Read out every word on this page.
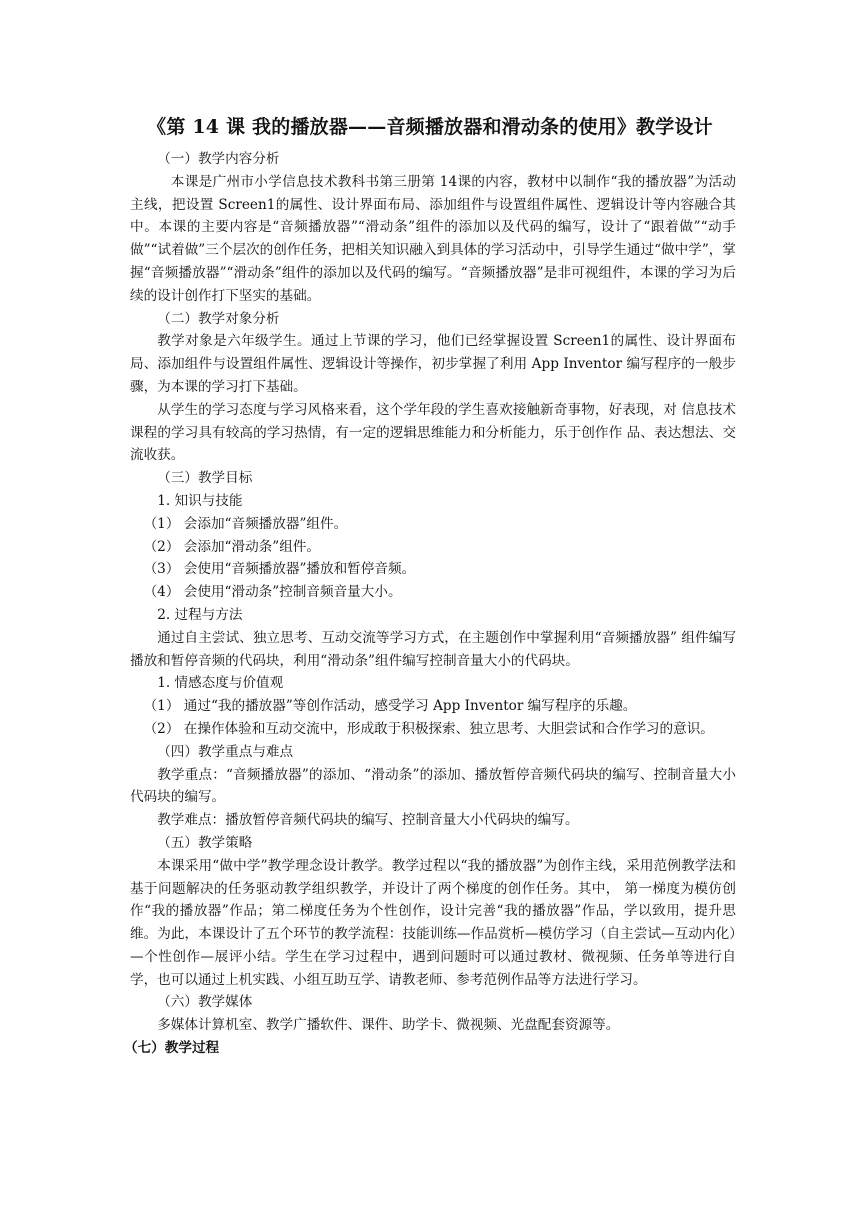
《第 14 课 我的播放器——音频播放器和滑动条的使用》教学设计

（一）教学内容分析

本课是广州市小学信息技术教科书第三册第 14课的内容，教材中以制作“我的播放器”为活动主线，把设置 Screen1的属性、设计界面布局、添加组件与设置组件属性、逻辑设计等内容融合其中。本课的主要内容是“音频播放器”“滑动条”组件的添加以及代码的编写，设计了“跟着做”“动手做”“试着做”三个层次的创作任务，把相关知识融入到具体的学习活动中，引导学生通过“做中学”，掌握“音频播放器”“滑动条”组件的添加以及代码的编写。“音频播放器”是非可视组件，本课的学习为后续的设计创作打下坚实的基础。

（二）教学对象分析

教学对象是六年级学生。通过上节课的学习，他们已经掌握设置 Screen1的属性、设计界面布局、添加组件与设置组件属性、逻辑设计等操作，初步掌握了利用 App Inventor 编写程序的一般步骤，为本课的学习打下基础。

从学生的学习态度与学习风格来看，这个学年段的学生喜欢接触新奇事物，好表现，对 信息技术课程的学习具有较高的学习热情，有一定的逻辑思维能力和分析能力，乐于创作作 品、表达想法、交流收获。

（三）教学目标

1. 知识与技能

（1） 会添加“音频播放器”组件。

（2） 会添加“滑动条”组件。

（3） 会使用“音频播放器”播放和暂停音频。

（4） 会使用“滑动条”控制音频音量大小。

2. 过程与方法

通过自主尝试、独立思考、互动交流等学习方式，在主题创作中掌握利用“音频播放器” 组件编写播放和暂停音频的代码块，利用“滑动条”组件编写控制音量大小的代码块。

1. 情感态度与价值观

（1） 通过“我的播放器”等创作活动，感受学习 App Inventor 编写程序的乐趣。

（2） 在操作体验和互动交流中，形成敢于积极探索、独立思考、大胆尝试和合作学习的意识。

（四）教学重点与难点

教学重点：“音频播放器”的添加、“滑动条”的添加、播放暂停音频代码块的编写、控制音量大小代码块的编写。

教学难点：播放暂停音频代码块的编写、控制音量大小代码块的编写。

（五）教学策略

本课采用“做中学”教学理念设计教学。教学过程以“我的播放器”为创作主线，采用范例教学法和基于问题解决的任务驱动教学组织教学，并设计了两个梯度的创作任务。其中， 第一梯度为模仿创作“我的播放器”作品；第二梯度任务为个性创作，设计完善“我的播放器”作品，学以致用，提升思维。为此，本课设计了五个环节的教学流程：技能训练—作品赏析—模仿学习（自主尝试—互动内化）—个性创作—展评小结。学生在学习过程中，遇到问题时可以通过教材、微视频、任务单等进行自学，也可以通过上机实践、小组互助互学、请教老师、参考范例作品等方法进行学习。

（六）教学媒体

多媒体计算机室、教学广播软件、课件、助学卡、微视频、光盘配套资源等。

（七）教学过程
